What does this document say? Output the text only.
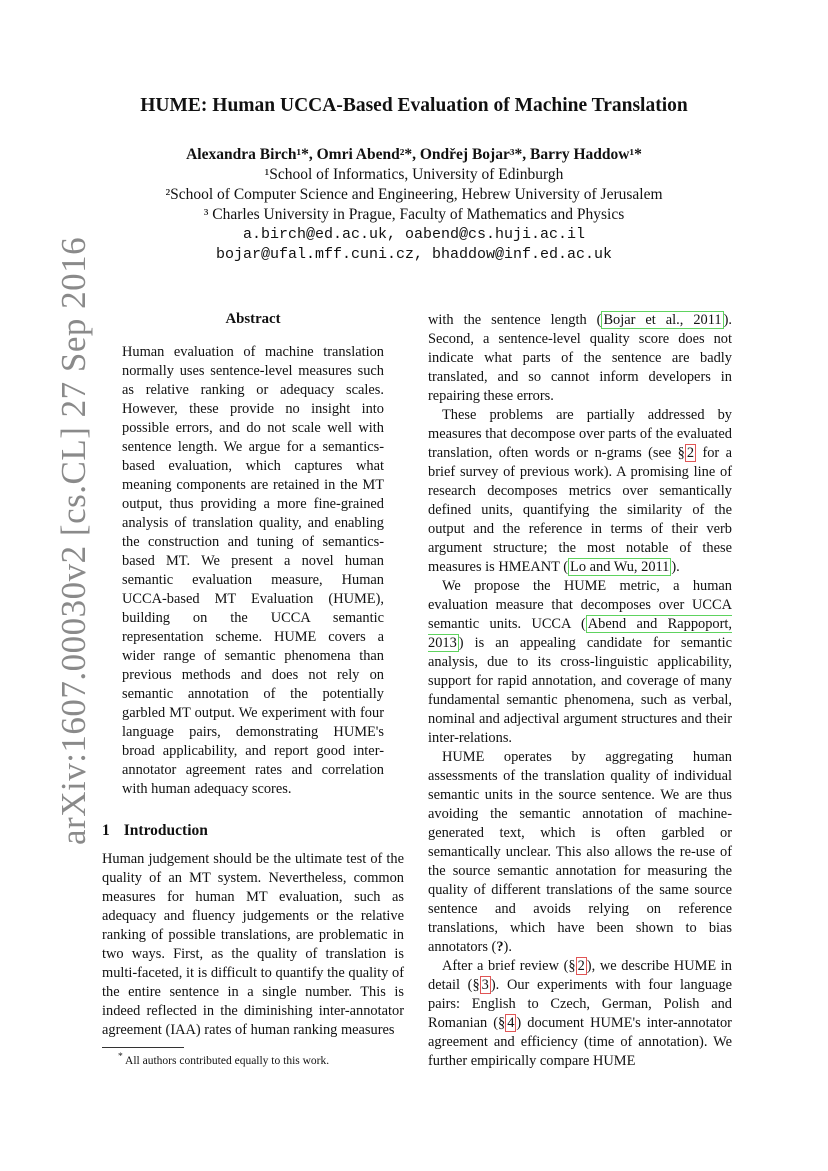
arXiv:1607.00030v2 [cs.CL] 27 Sep 2016
HUME: Human UCCA-Based Evaluation of Machine Translation
Alexandra Birch¹*, Omri Abend²*, Ondřej Bojar³*, Barry Haddow¹*
¹School of Informatics, University of Edinburgh
²School of Computer Science and Engineering, Hebrew University of Jerusalem
³ Charles University in Prague, Faculty of Mathematics and Physics
a.birch@ed.ac.uk, oabend@cs.huji.ac.il
bojar@ufal.mff.cuni.cz, bhaddow@inf.ed.ac.uk
Abstract

Human evaluation of machine translation normally uses sentence-level measures such as relative ranking or adequacy scales. However, these provide no insight into possible errors, and do not scale well with sentence length. We argue for a semantics-based evaluation, which captures what meaning components are retained in the MT output, thus providing a more fine-grained analysis of translation quality, and enabling the construction and tuning of semantics-based MT. We present a novel human semantic evaluation measure, Human UCCA-based MT Evaluation (HUME), building on the UCCA semantic representation scheme. HUME covers a wider range of semantic phenomena than previous methods and does not rely on semantic annotation of the potentially garbled MT output. We experiment with four language pairs, demonstrating HUME's broad applicability, and report good inter-annotator agreement rates and correlation with human adequacy scores.

1 Introduction

Human judgement should be the ultimate test of the quality of an MT system. Nevertheless, common measures for human MT evaluation, such as adequacy and fluency judgements or the relative ranking of possible translations, are problematic in two ways. First, as the quality of translation is multi-faceted, it is difficult to quantify the quality of the entire sentence in a single number. This is indeed reflected in the diminishing inter-annotator agreement (IAA) rates of human ranking measures

with the sentence length ( Bojar et al., 2011 ). Second, a sentence-level quality score does not indicate what parts of the sentence are badly translated, and so cannot inform developers in repairing these errors.

These problems are partially addressed by measures that decompose over parts of the evaluated translation, often words or n-grams (see § 2 for a brief survey of previous work). A promising line of research decomposes metrics over semantically defined units, quantifying the similarity of the output and the reference in terms of their verb argument structure; the most notable of these measures is HMEANT ( Lo and Wu, 2011 ).

We propose the HUME metric, a human evaluation measure that decomposes over UCCA semantic units. UCCA ( Abend and Rappoport, 2013 ) is an appealing candidate for semantic analysis, due to its cross-linguistic applicability, support for rapid annotation, and coverage of many fundamental semantic phenomena, such as verbal, nominal and adjectival argument structures and their inter-relations.

HUME operates by aggregating human assessments of the translation quality of individual semantic units in the source sentence. We are thus avoiding the semantic annotation of machine-generated text, which is often garbled or semantically unclear. This also allows the re-use of the source semantic annotation for measuring the quality of different translations of the same source sentence and avoids relying on reference translations, which have been shown to bias annotators (?).

After a brief review (§ 2 ), we describe HUME in detail (§ 3 ). Our experiments with four language pairs: English to Czech, German, Polish and Romanian (§ 4 ) document HUME's inter-annotator agreement and efficiency (time of annotation). We further empirically compare HUME

* All authors contributed equally to this work.
